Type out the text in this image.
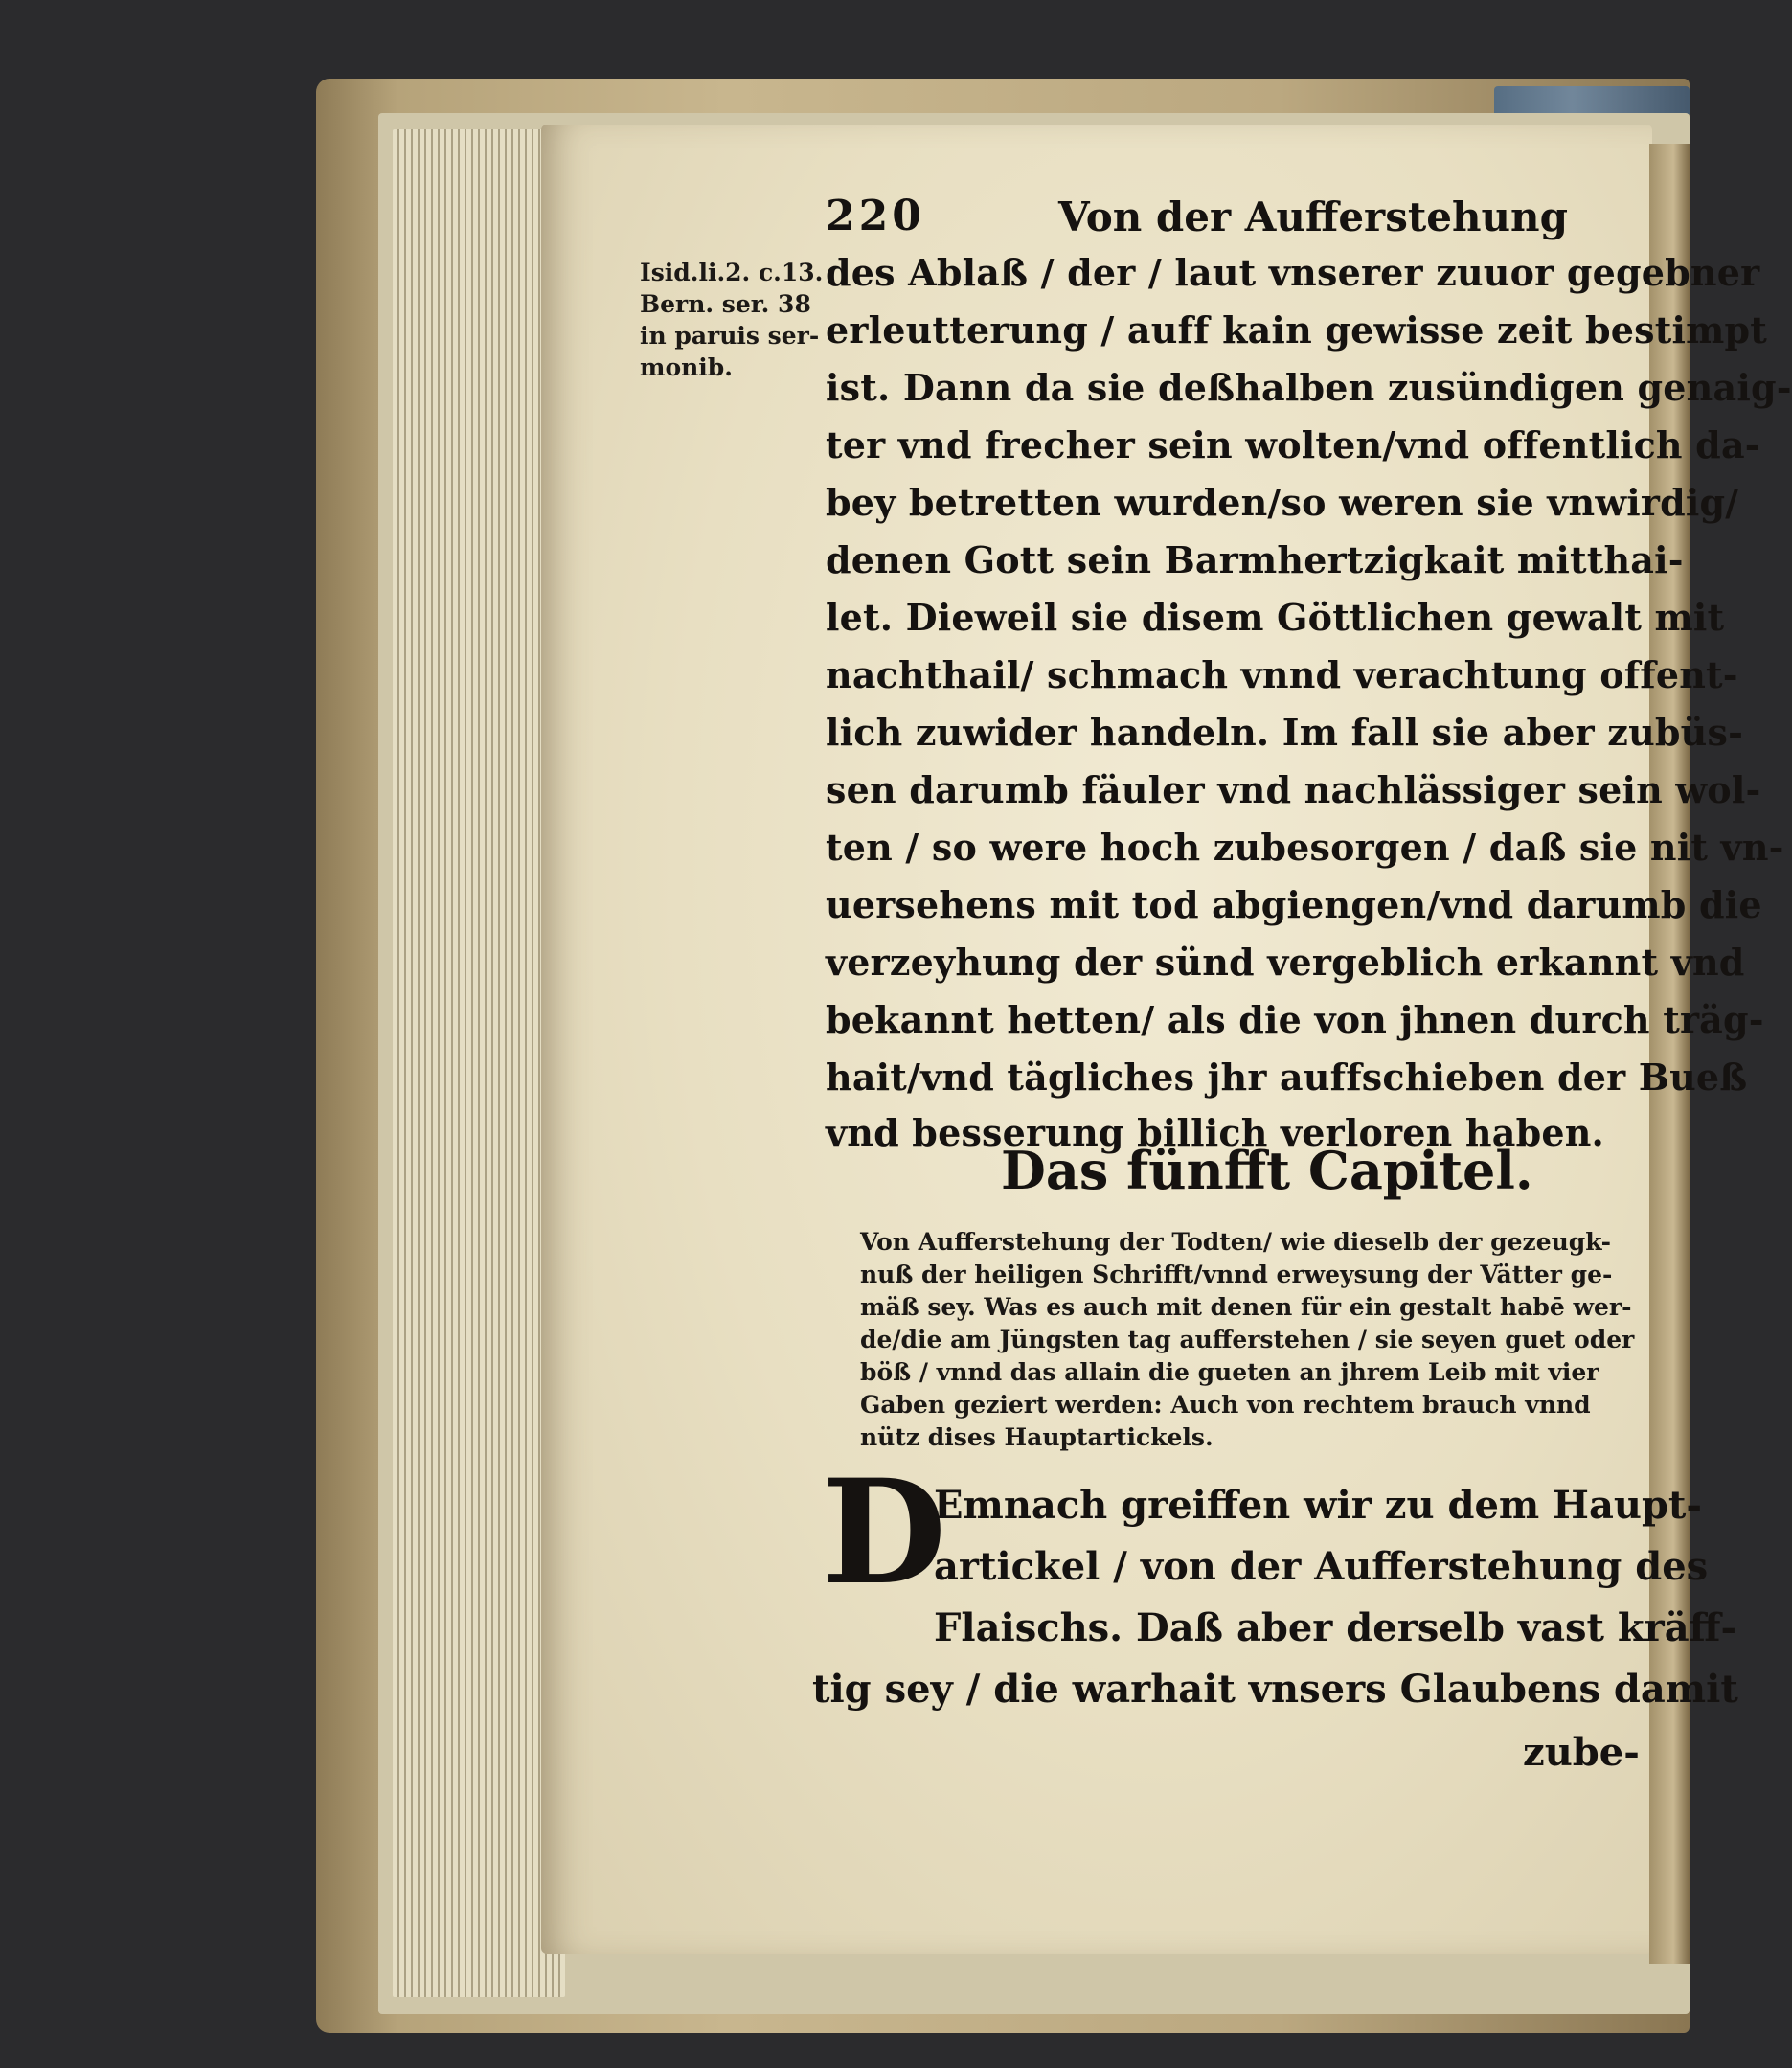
220	Von der Aufferstehung
Isid.li.2. c.13.
Bern. ser. 38
in paruis ser-
monib.
des Ablaß / der / laut vnserer zuuor gegebner
erleutterung / auff kain gewisse zeit bestimpt
ist. Dann da sie deßhalben zusündigen genaig-
ter vnd frecher sein wolten/vnd offentlich da-
bey betretten wurden/so weren sie vnwirdig/
denen Gott sein Barmhertzigkait mitthai-
let. Dieweil sie disem Göttlichen gewalt mit
nachthail/ schmach vnnd verachtung offent-
lich zuwider handeln. Im fall sie aber zubüs-
sen darumb fäuler vnd nachlässiger sein wol-
ten / so were hoch zubesorgen / daß sie nit vn-
uersehens mit tod abgiengen/vnd darumb die
verzeyhung der sünd vergeblich erkannt vnd
bekannt hetten/ als die von jhnen durch träg-
hait/vnd tägliches jhr auffschieben der Bueß
vnd besserung billich verloren haben.
Das fünfft Capitel.
Von Aufferstehung der Todten/ wie dieselb der gezeugk-
nuß der heiligen Schrifft/vnnd erweysung der Vätter ge-
mäß sey. Was es auch mit denen für ein gestalt habē wer-
de/die am Jüngsten tag aufferstehen / sie seyen guet oder
böß / vnnd das allain die gueten an jhrem Leib mit vier
Gaben geziert werden: Auch von rechtem brauch vnnd
nütz dises Hauptartickels.
D
Emnach greiffen wir zu dem Haupt-
artickel / von der Aufferstehung des
Flaischs. Daß aber derselb vast kräff-
tig sey / die warhait vnsers Glaubens damit
zube-
